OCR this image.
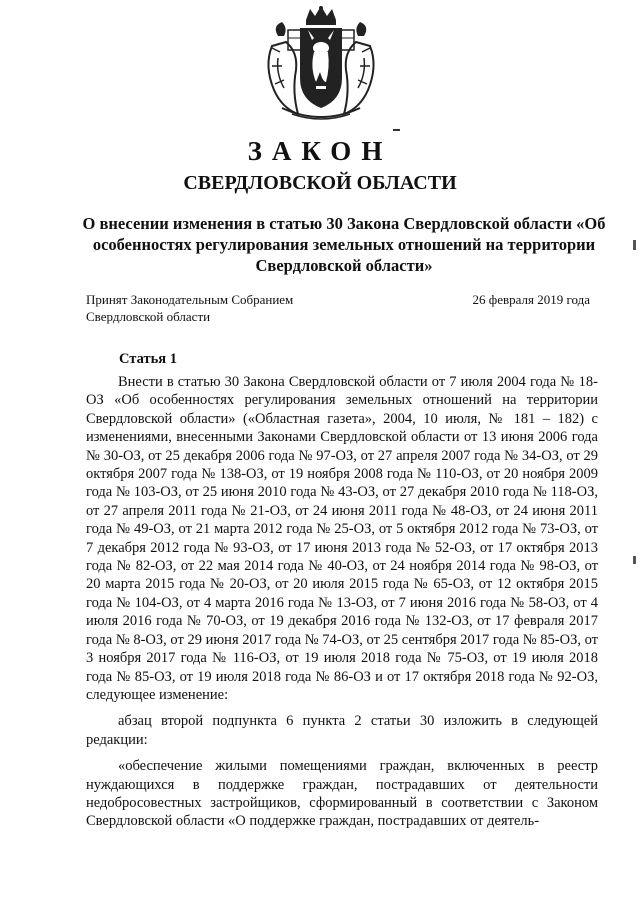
ЗАКОН
СВЕРДЛОВСКОЙ ОБЛАСТИ
О внесении изменения в статью 30 Закона Свердловской области «Об особенностях регулирования земельных отношений на территории Свердловской области»
Принят Законодательным Собранием
Свердловской области
26 февраля 2019 года
Статья 1

Внести в статью 30 Закона Свердловской области от 7 июля 2004 года № 18-ОЗ «Об особенностях регулирования земельных отношений на территории Свердловской области» («Областная газета», 2004, 10 июля, № 181 – 182) с изменениями, внесенными Законами Свердловской области от 13 июня 2006 года № 30-ОЗ, от 25 декабря 2006 года № 97-ОЗ, от 27 апреля 2007 года № 34-ОЗ, от 29 октября 2007 года № 138-ОЗ, от 19 ноября 2008 года № 110-ОЗ, от 20 ноября 2009 года № 103-ОЗ, от 25 июня 2010 года № 43-ОЗ, от 27 декабря 2010 года № 118-ОЗ, от 27 апреля 2011 года № 21-ОЗ, от 24 июня 2011 года № 48-ОЗ, от 24 июня 2011 года № 49-ОЗ, от 21 марта 2012 года № 25-ОЗ, от 5 октября 2012 года № 73-ОЗ, от 7 декабря 2012 года № 93-ОЗ, от 17 июня 2013 года № 52-ОЗ, от 17 октября 2013 года № 82-ОЗ, от 22 мая 2014 года № 40-ОЗ, от 24 ноября 2014 года № 98-ОЗ, от 20 марта 2015 года № 20-ОЗ, от 20 июля 2015 года № 65-ОЗ, от 12 октября 2015 года № 104-ОЗ, от 4 марта 2016 года № 13-ОЗ, от 7 июня 2016 года № 58-ОЗ, от 4 июля 2016 года № 70-ОЗ, от 19 декабря 2016 года № 132-ОЗ, от 17 февраля 2017 года № 8-ОЗ, от 29 июня 2017 года № 74-ОЗ, от 25 сентября 2017 года № 85-ОЗ, от 3 ноября 2017 года № 116-ОЗ, от 19 июля 2018 года № 75-ОЗ, от 19 июля 2018 года № 85-ОЗ, от 19 июля 2018 года № 86-ОЗ и от 17 октября 2018 года № 92-ОЗ, следующее изменение:

абзац второй подпункта 6 пункта 2 статьи 30 изложить в следующей редакции:

«обеспечение жилыми помещениями граждан, включенных в реестр нуждающихся в поддержке граждан, пострадавших от деятельности недобросовестных застройщиков, сформированный в соответствии с Законом Свердловской области «О поддержке граждан, пострадавших от деятель-
